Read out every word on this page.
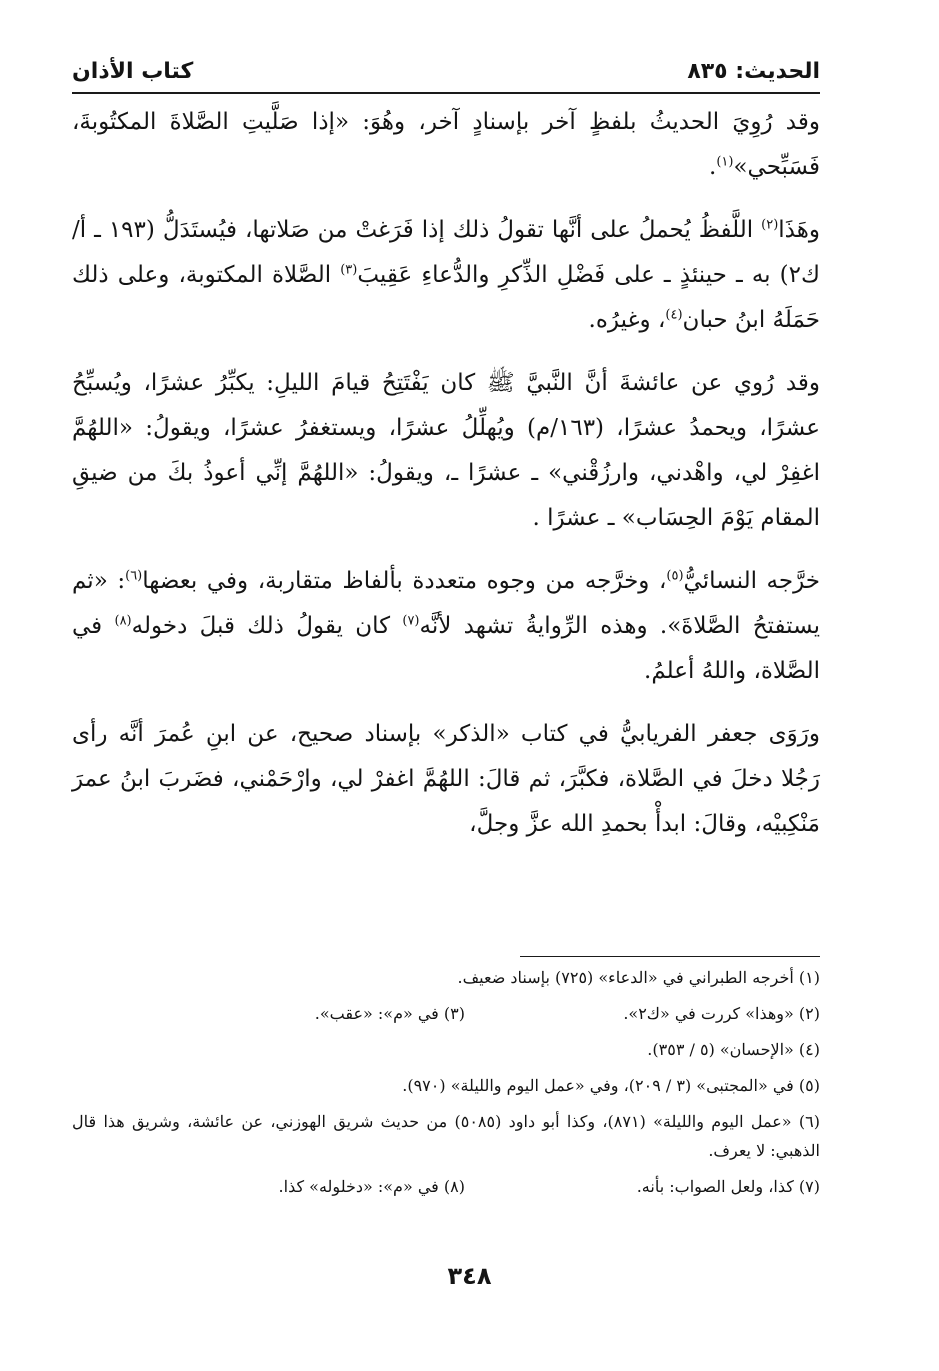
الحديث: ٨٣٥
كتاب الأذان

وقد رُوِيَ الحديثُ بلفظٍ آخر بإسنادٍ آخر، وهُوَ: «إذا صَلَّيتِ الصَّلاةَ المكتُوبةَ، فَسَبِّحي»$^{(١)}$.

وهَذَا$^{(٢)}$ اللَّفظُ يُحملُ على أنَّها تقولُ ذلك إذا فَرَغتْ من صَلاتها، فيُستَدَلُّ (١٩٣ ـ أ/ك٢) به ـ حينئذٍ ـ على فَضْلِ الذِّكرِ والدُّعاءِ عَقِيبَ$^{(٣)}$ الصَّلاة المكتوبة، وعلى ذلك حَمَلَهُ ابنُ حبان$^{(٤)}$، وغيرُه.

وقد رُوي عن عائشةَ أنَّ النَّبيَّ ﷺ كان يَفْتَتِحُ قيامَ الليلِ: يكبِّرُ عشرًا، ويُسبِّحُ عشرًا، ويحمدُ عشرًا، (١٦٣/م) ويُهلِّلُ عشرًا، ويستغفرُ عشرًا، ويقولُ: «اللهُمَّ اغفِرْ لي، واهْدني، وارزُقْني» ـ عشرًا ـ، ويقولُ: «اللهُمَّ إنِّي أعوذُ بكَ من ضيقِ المقام يَوْمَ الحِسَاب» ـ عشرًا .

خرَّجه النسائيُّ$^{(٥)}$، وخرَّجه من وجوه متعددة بألفاظ متقاربة، وفي بعضها$^{(٦)}$: «ثم يستفتحُ الصَّلاةَ». وهذه الرِّوايةُ تشهد لأنَّه$^{(٧)}$ كان يقولُ ذلك قبلَ دخوله$^{(٨)}$ في الصَّلاة، واللهُ أعلمُ.

ورَوَى جعفر الفريابيُّ في كتاب «الذكر» بإسناد صحيح، عن ابنِ عُمرَ أنَّه رأى رَجُلا دخلَ في الصَّلاة، فكبَّرَ، ثم قالَ: اللهُمَّ اغفرْ لي، وارْحَمْني، فضَربَ ابنُ عمرَ مَنْكِبيْه، وقالَ: ابدأْ بحمدِ الله عزَّ وجلَّ،

(١) أخرجه الطبراني في «الدعاء» (٧٢٥) بإسناد ضعيف.

(٢) «وهذا» كررت في «ك٢».

(٣) في «م»: «عقب».

(٤) «الإحسان» (٥ / ٣٥٣).

(٥) في «المجتبى» (٣ / ٢٠٩)، وفي «عمل اليوم والليلة» (٩٧٠).

(٦) «عمل اليوم والليلة» (٨٧١)، وكذا أبو داود (٥٠٨٥) من حديث شريق الهوزني، عن عائشة، وشريق هذا قال الذهبي: لا يعرف.

(٧) كذا، ولعل الصواب: بأنه.

(٨) في «م»: «دخلوله» كذا.

٣٤٨
